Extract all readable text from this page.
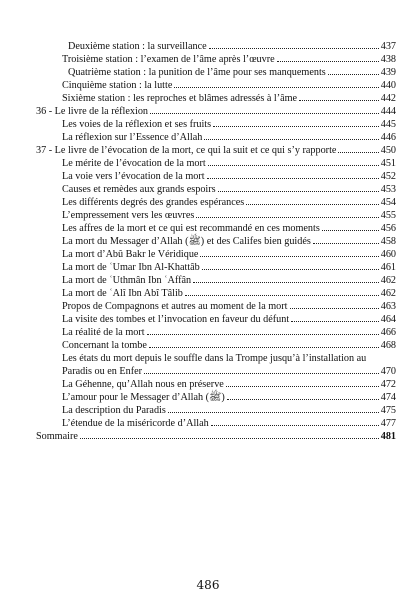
Deuxième station : la surveillance	437
Troisième station : l’examen de l’âme après l’œuvre	438
Quatrième station : la punition de l’âme pour ses manquements	439
Cinquième station : la lutte	440
Sixième station : les reproches et blâmes adressés à l’âme	442
36 - Le livre de la réflexion	444
Les voies de la réflexion et ses fruits	445
La réflexion sur l’Essence d’Allah	446
37 - Le livre de l’évocation de la mort, ce qui la suit et ce qui s’y rapporte	450
Le mérite de l’évocation de la mort	451
La voie vers l’évocation de la mort	452
Causes et remèdes aux grands espoirs	453
Les différents degrés des grandes espérances	454
L’empressement vers les œuvres	455
Les affres de la mort et ce qui est recommandé en ces moments	456
La mort du Messager d’Allah (ﷺ) et des Califes bien guidés	458
La mort d’Abû Bakr le Véridique	460
La mort de ʿUmar Ibn Al-Khattâb	461
La mort de ʿUthmân Ibn ʿAffân	462
La mort de ʿAlî Ibn Abî Tâlib	462
Propos de Compagnons et autres au moment de la mort	463
La visite des tombes et l’invocation en faveur du défunt	464
La réalité de la mort	466
Concernant la tombe	468
Les états du mort depuis le souffle dans la Trompe jusqu’à l’installation au
Paradis ou en Enfer	470
La Géhenne, qu’Allah nous en préserve	472
L’amour pour le Messager d’Allah (ﷺ)	474
La description du Paradis	475
L’étendue de la miséricorde d’Allah	477
Sommaire	481
486
